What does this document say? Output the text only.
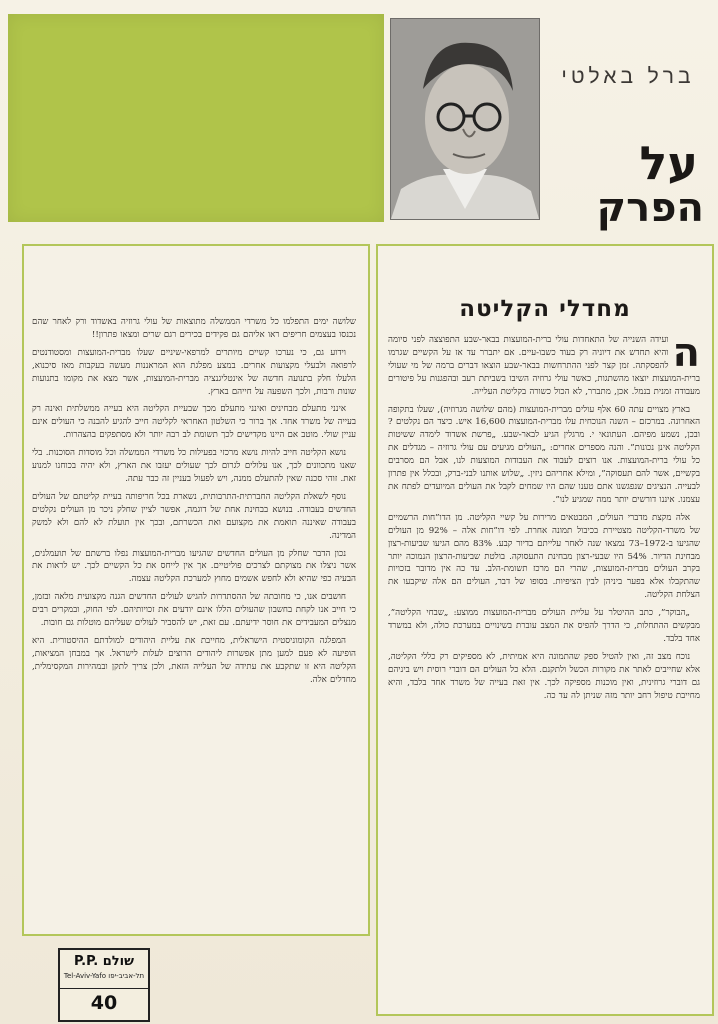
ברל באלטי
על
הפרק
מחדלי הקליטה
ה

ועידה השנייה של התאחדות עולי ברית-המועצות בבאר-שבע התפוצצה לפני סיומה והיא תחדש את דיוניה רק בעוד כשבו-עיים. אם יתברר עד אז על הקשיים שגרמו להפסקתה. זמן קצר לפני ההתרחשות בבאר-שבע הוצאו דברים ברמה של מי שעולי ברית-המועצות יוצאו מהשתגות, כאשר עולי גרוזיה השיבו בשביתת רעב ובהפגנות על פיטורים מעבודה זמנית בנמל. אכן, מתברר, לא הכול כשורה בקליטת העלייה.

בארץ מצויים עתה 60 אלף עולים מברית-המועצות (מהם שלושה מגרוזיה), שעלו בתקופה האחרונה. במרכזם – השנה הנוכחית עלו מברית-המועצות 16,600 איש. כיצד הם נקלטים ? ובכן, נשמע מפיהם. העתונאי י. מרגלין הגיע לבאר-שבע. „פרשת אשדוד לימדה ששיטות הקליטה אינן נכונות”. והנה מספרים אחרים: „העולים מגיעים עם עולי גרוזיה – מגדלים את כל עולי ברית-המועצות. אנו רוצים לעבוד את העבודות המוצעות לנו, אבל הם מסרבים בקשיים, אשר להם תעסוקה”, ומילא אחריהם ניזין. „שלוש אותנו לבני-ברק, ובכלל אין פתרון לבעייה. הנציגים שנפגשנו אתם טענו שהם היו שמחים לקבל את העולים המיועדים לפתח את עצמנו. איננו דורשים יותר ממה שמגיע לנו”.

אלה מקצת מדברי העולים, המבטאים מרירות על קשיי הקליטה. מן הדו”חות הרשמיים של משרד-הקליטה מצטיירת בכיבול תמונה אחרת. לפי דו”חות אלה – 92% מן העולים שהגיעו ב-1972–73 נמצאו שנה לאחר עלייתם בדיור קבע. 83% מהם הגיעו שביעות-רצון מבחינת הדיור. 54% היו שבעי-רצון מבחינת התעסוקה. בולטת שביעות-הרצון הנמוכה יותר בקרב העולים מברית-המועצות, שהרי הם מרכז תשומת-הלב. עד כה אין מדובר בזכויות שהתקבלו אלא בפער ביניהן לבין הציפיות. בסופו של דבר, העולים הם אלה שיקבעו את הצלחת הקליטה.

„הבוקר”, כתב ההיטלר על עליית העולים מברית-המועצות ממוצע: „שבחי הקליטה”, מבקשים ההתחלות, כי הדרך להפיס את המצב עוברת בשינויים במערכת כולה, ולא במשרד אחד בלבד.

נוכח מצב זה, ואין להטיל ספק שהתמונה היא אמיתית, לא מספיקים רק כללי הקליטה, אלא שחייבים לאתר את מקורות הכשל ולתקנם. הלא כל העולים הם דוברי רוסית ויש ביניהם גם דוברי גרוזינית, ואין מוכנות מספיקה לכך. אין זאת בעייה של משרד אחד בלבד, והיא מחייבת טיפול רחב יותר מזה שניתן לה עד כה.

שלושה ימים התפלמו כל משרדי הממשלה מתוצאות של עולי גרוזיה באשדוד ורק לאחר שהם נכנסו בעצמים חריפים ראו אליהם גם פקידים בכירים רגם שרים ומצאו פתרון!!

וידוע גם, כי נערכו קשיים מיותרים למרפאי-שיניים שעלו מברית-המועצות ומסטודנטים לרפואה ולבעלי מקצועות אחרים. במצע מפלגת הוא המראננות מעשה בעקבות מאז סיכנוא, הלעלו חלק בתנועה חדשה של אינטליגנציה מברית-המועצות, אשר מצא את מקומו בתנועות שונות ורבות, ולכך השפעה על חייהם בארץ.

אינני מתעלם מבחינים ואינני מתעלם מכך שבעיית הקליטה היא בעייה ממשלתית ואינה רק בעייה של משרד אחד. אך ברור כי השלטון האחראי לקליטה חייב להגיע להבנה כי העולים אינם עניין שולי. מוטב אם היינו מקדישים לכך תשומת לב רבה יותר ולא מסתפקים בהצהרות.

נושא הקליטה חייב להיות נושא מרכזי בפעילות כל משרדי הממשלה וכל מוסדות הסוכנות. בלי שאנו מתכוונים לכך, אנו עלולים לגרום לכך שעולים יעזבו את הארץ, ולא יהיה בכוחנו למנוע זאת. זוהי סכנה שאין להתעלם ממנה, ויש לפעול בעניין זה כבר עתה.

נוסף לשאלת הקליטה החברתית-התרבותית, נשארת בכל חריפותה בעיית קליטתם של העולים החדשים בעבודה. בנושא בבחינת אחת של דוגמה, אפשר לציין שחלק ניכר מן העולים נקלטים בעבודה שאיננה תואמת את מקצועם ואת הכשרתם, ובכך אין תועלת לא להם ולא למשק המדינה.

נכון הדבר שחלק מן העולים החדשים שהגיעו מברית-המועצות נפלו ברשתם של תועמלנים, אשר ניצלו את מצוקתם לצרכים פוליטיים. אך אין לייחס את כל הקשיים לכך. יש לראות את הבעיה כפי שהיא ולא לחפש אשמים מחוץ למערכת הקליטה עצמה.

חושבים אנו, כי מחובתה של ההסתדרות להגיש לעולים החדשים הגנה מקצועית מלאה ובזמן, כי חייב אנו לקחת בחשבון שהעולים הללו אינם יודעים את זכויותיהם. לפי החוק, ובמקרים רבים מנצלים המעבידים את חוסר ידיעתם. עם זאת, יש להסביר לעולים שעליהם מוטלות גם חובות.

המפלגה הקומוניסטית הישראלית, מחייבת את עליית היהודים למולדתם ההיסטורית. היא הופיעה לא פעם למען מתן אפשרות ליהודים הרוצים לעלות לישראל. אך במבחן המציאות, הקליטה היא זו שתקבע את עתידה של העלייה הזאת, ולכן צריך לתקן ובמהירות המקסימלית, מחדלים אלה.

P.P. שולם
תל-אביב-יפו Tel-Aviv-Yafo
40
